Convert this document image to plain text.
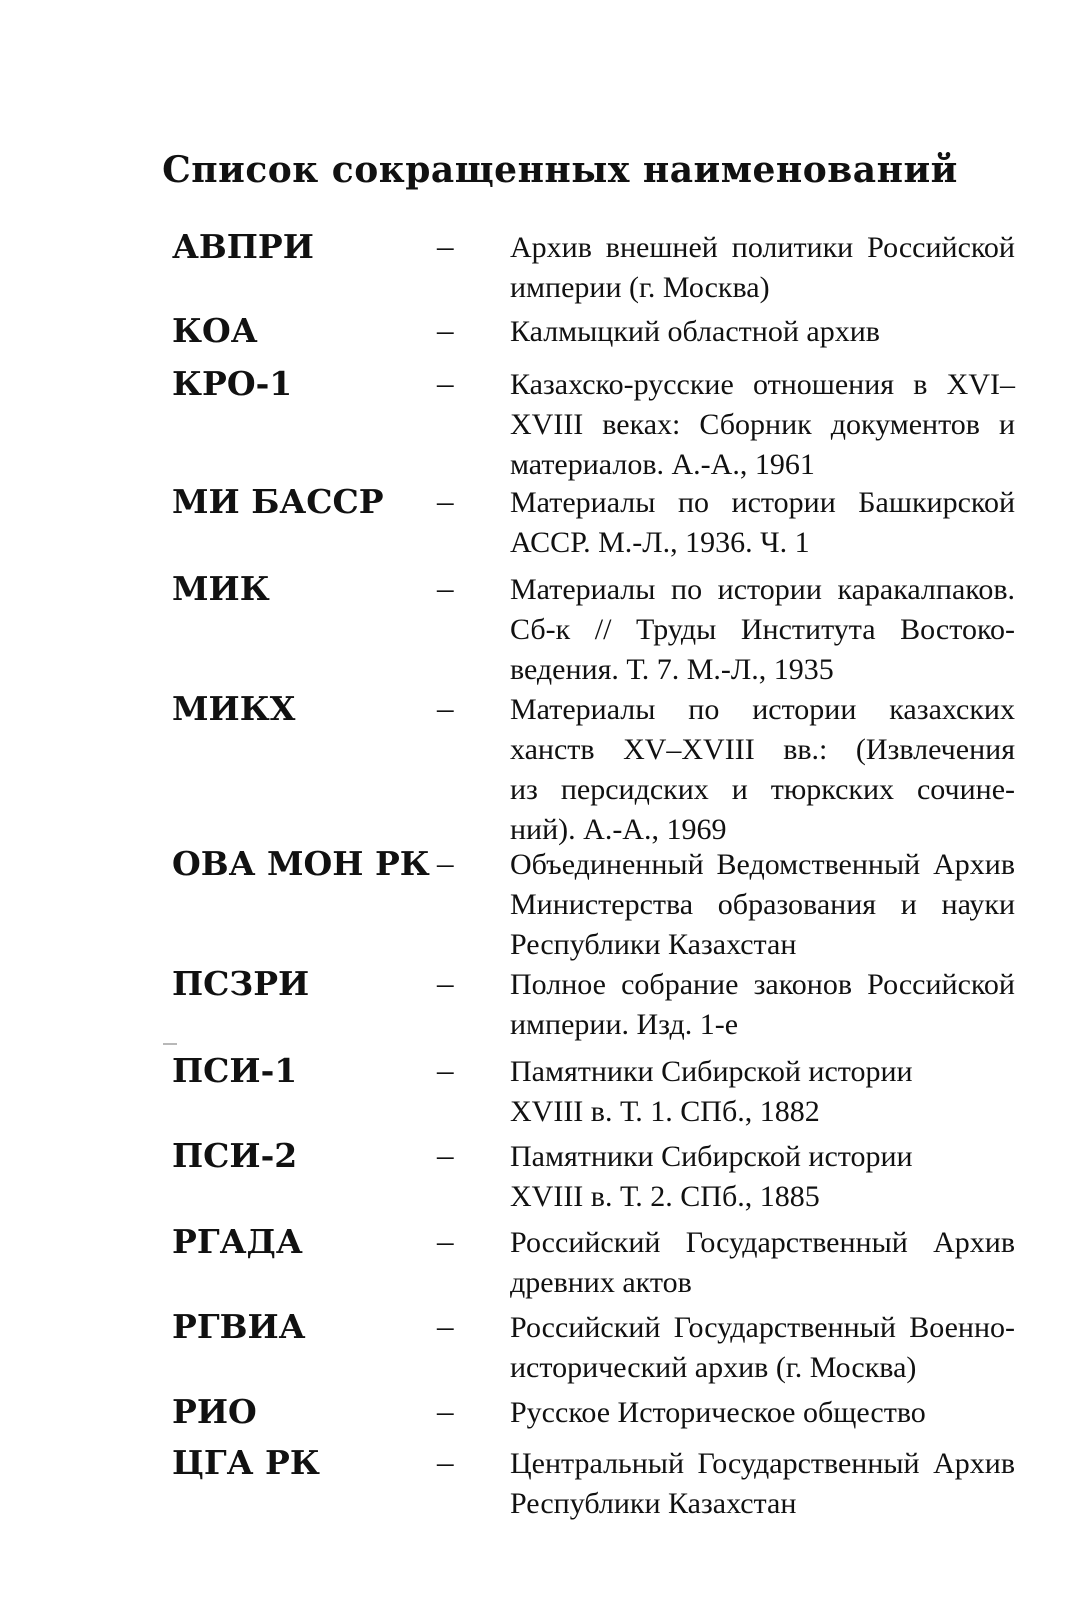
Список сокращенных наименований
АВПРИ	– Архив внешней политики Российской
империи (г. Москва)
КОА	– Калмыцкий областной архив
КРО-1	– Казахско-русские отношения в XVI–
XVIII веках: Сборник документов и
материалов. А.-А., 1961
МИ БАССР – Материалы по истории Башкирской
АССР. М.-Л., 1936. Ч. 1
МИК	– Материалы по истории каракалпаков.
Сб-к // Труды Института Востоко-
ведения. Т. 7. М.-Л., 1935
МИКХ	– Материалы по истории казахских
ханств XV–XVIII вв.: (Извлечения
из персидских и тюркских сочине-
ний). А.-А., 1969
ОВА МОН РК – Объединенный Ведомственный Архив
Министерства образования и науки
Республики Казахстан
ПСЗРИ	– Полное собрание законов Российской
империи. Изд. 1-е
ПСИ-1	– Памятники Сибирской истории
XVIII в. Т. 1. СПб., 1882
ПСИ-2	– Памятники Сибирской истории
XVIII в. Т. 2. СПб., 1885
РГАДА	– Российский Государственный Архив
древних актов
РГВИА	– Российский Государственный Военно-
исторический архив (г. Москва)
РИО	– Русское Историческое общество
ЦГА РК	– Центральный Государственный Архив
Республики Казахстан
